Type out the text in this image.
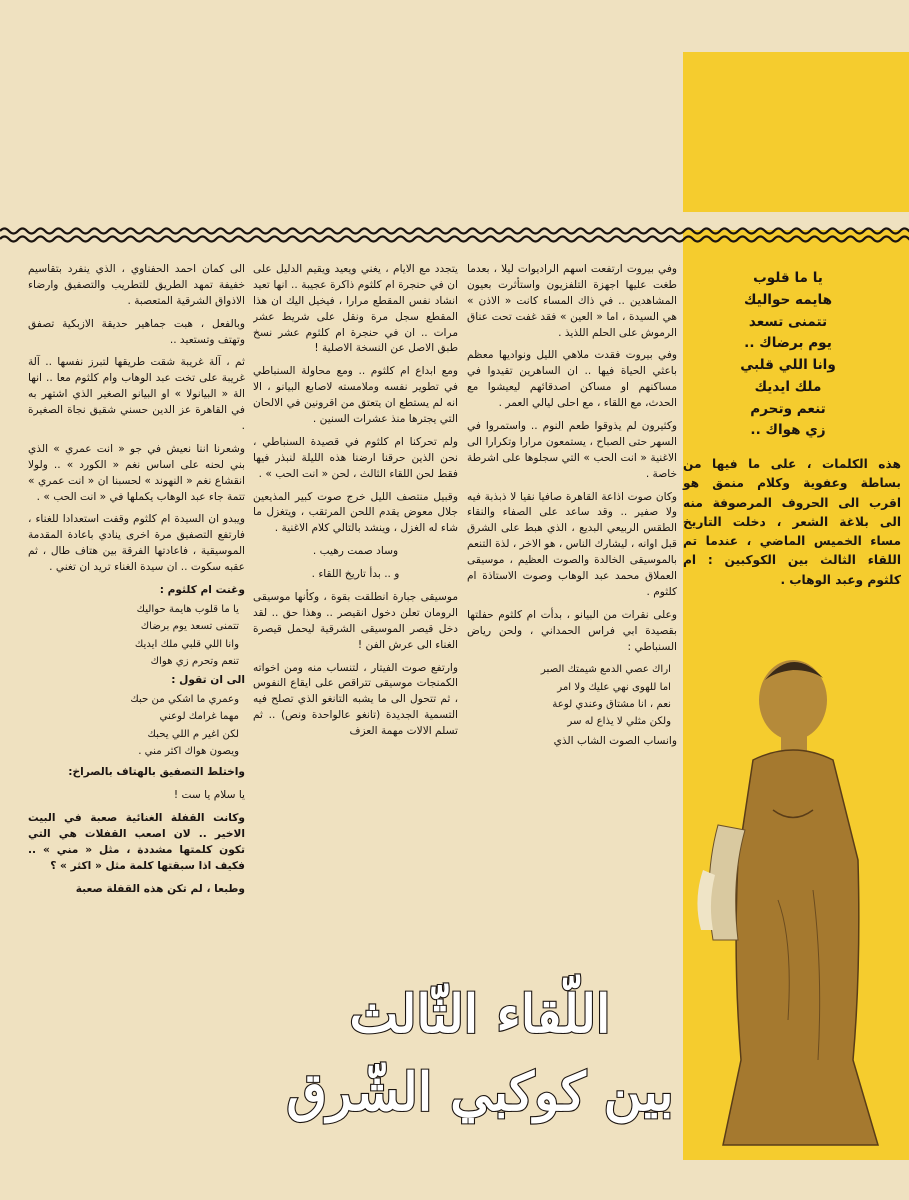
يا ما قلوب
هايمه حواليك
تتمنى تسعد
يوم برضاك ..
وانا اللي قلبي
ملك ايديك
تنعم وتحرم
زي هواك ..
هذه الكلمات ، على ما فيها من بساطة وعفوية وكلام منمق هو اقرب الى الحروف المرصوفة منه الى بلاغة الشعر ، دخلت التاريخ مساء الخميس الماضي ، عندما تم اللقاء الثالث بين الكوكبين : ام كلثوم وعبد الوهاب .

وفي بيروت ارتفعت اسهم الراديوات ليلا ، بعدما طغت عليها اجهزة التلفزيون واستأثرت بعيون المشاهدين .. في ذاك المساء كانت « الاذن » هي السيدة ، اما « العين » فقد غفت تحت عناق الرموش على الحلم اللذيذ .

وفي بيروت فقدت ملاهي الليل ونواديها معظم باعثي الحياة فيها .. ان الساهرين تقيدوا في مساكنهم او مساكن اصدقائهم ليعيشوا مع الحدث، مع اللقاء ، مع احلى ليالي العمر .

وكثيرون لم يذوقوا طعم النوم .. واستمروا في السهر حتى الصباح ، يستمعون مرارا وتكرارا الى الاغنية « انت الحب » التي سجلوها على اشرطة خاصة .

وكان صوت اذاعة القاهرة صافيا نقيا لا ذبذبة فيه ولا صفير .. وقد ساعد على الصفاء والنقاء الطقس الربيعي البديع ، الذي هبط على الشرق قبل اوانه ، ليشارك الناس ، هو الاخر ، لذة التنعم بالموسيقى الخالدة والصوت العظيم ، موسيقى العملاق محمد عبد الوهاب وصوت الاستاذة ام كلثوم .

وعلى نقرات من البيانو ، بدأت ام كلثوم حفلتها بقصيدة ابي فراس الحمداني ، ولحن رياض السنباطي :

اراك عصي الدمع شيمتك الصبر
اما للهوى نهي عليك ولا امر
نعم ، انا مشتاق وعندي لوعة
ولكن مثلي لا يذاع له سر

وانساب الصوت الشاب الذي

يتجدد مع الايام ، يغني ويعيد ويقيم الدليل على ان في حنجرة ام كلثوم ذاكرة عجيبة .. انها تعيد انشاد نفس المقطع مرارا ، فيخيل اليك ان هذا المقطع سجل مرة ونقل على شريط عشر مرات .. ان في حنجرة ام كلثوم عشر نسخ طبق الاصل عن النسخة الاصلية !

ومع ابداع ام كلثوم .. ومع محاولة السنباطي في تطوير نفسه وملامسته لاصابع البيانو ، الا انه لم يستطع ان يتعتق من اقرونين في الالحان التي يجترها منذ عشرات السنين .

ولم تحركنا ام كلثوم في قصيدة السنباطي ، نحن الذين حرقنا ارضنا هذه الليلة لنبذر فيها فقط لحن اللقاء الثالث ، لحن « انت الحب » .

وقبيل منتصف الليل خرج صوت كبير المذيعين جلال معوض يقدم اللحن المرتقب ، ويتغزل ما شاء له الغزل ، وينشد بالتالي كلام الاغنية .

وساد صمت رهيب .

و .. بدأ تاريخ اللقاء .

موسيقى جبارة انطلقت بقوة ، وكأنها موسيقى الرومان تعلن دخول انقيصر .. وهذا حق .. لقد دخل قيصر الموسيقى الشرقية ليحمل قيصرة الغناء الى عرش الفن !

وارتفع صوت الفيتار ، لتنساب منه ومن اخواته الكمنجات موسيقى تتراقص على ايقاع النفوس ، ثم تتحول الى ما يشبه التانغو الذي تصلح فيه التسمية الجديدة (تانغو عالواحدة ونص) .. ثم تسلم الالات مهمة العزف

الى كمان احمد الحفناوي ، الذي ينفرد بتقاسيم خفيفة تمهد الطريق للتطريب والتصفيق وارضاء الاذواق الشرقية المتعصبة .

وبالفعل ، هبت جماهير حديقة الازبكية تصفق وتهتف وتستعيد ..

ثم ، آلة غريبة شقت طريقها لتبرز نفسها .. آلة غريبة على تخت عبد الوهاب وام كلثوم معا .. انها الة « البيانولا » او البيانو الصغير الذي اشتهر به في القاهرة عز الدين حسني شقيق نجاة الصغيرة .

وشعرنا اننا نعيش في جو « انت عمري » الذي بني لحنه على اساس نغم « الكورد » .. ولولا انقشاع نغم « النهوند » لحسبنا ان « انت عمري » تتمة جاء عبد الوهاب يكملها في « انت الحب » .

ويبدو ان السيدة ام كلثوم وقفت استعدادا للغناء ، فارتفع التصفيق مرة اخرى ينادي باعادة المقدمة الموسيقية ، فاعادتها الفرقة بين هتاف طال ، ثم عقبه سكوت .. ان سيدة الغناء تريد ان تغني .

وغنت ام كلثوم :

يا ما قلوب هايمة حواليك
تتمنى تسعد يوم برضاك
وانا اللي قلبي ملك ايديك
تنعم وتحرم زي هواك

الى ان تقول :

وعمري ما اشكي من حبك
مهما غرامك لوعني
لكن اغير م اللي يحبك
ويصون هواك اكثر مني .

واختلط التصفيق بالهتاف بالصراخ:

يا سلام يا ست !

وكانت القفلة الغنائية صعبة في البيت الاخير .. لان اصعب القفلات هي التي تكون كلمتها مشددة ، مثل « مني » .. فكيف اذا سبقتها كلمة مثل « اكثر » ؟

وطبعا ، لم تكن هذه القفلة صعبة

اللّقاء الثّالث
بين كوكبي الشّرق
